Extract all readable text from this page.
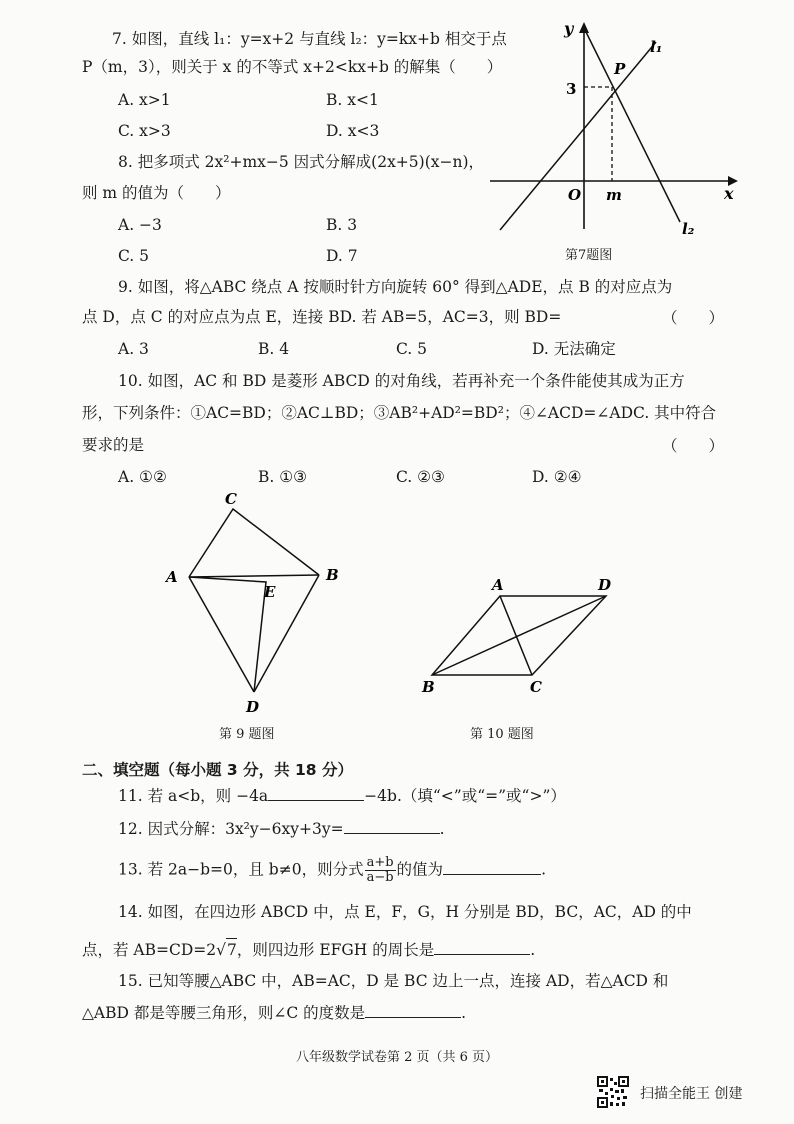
7. 如图，直线 l₁：y=x+2 与直线 l₂：y=kx+b 相交于点
P（m，3），则关于 x 的不等式 x+2<kx+b 的解集（　　）
A. x>1	B. x<1
C. x>3	D. x<3
8. 把多项式 2x²+mx−5 因式分解成(2x+5)(x−n)，
则 m 的值为（　　）
A. −3	B. 3
C. 5	D. 7
y
x
O m
3
P
l₁
l₂
第7题图
9. 如图，将△ABC 绕点 A 按顺时针方向旋转 60° 得到△ADE，点 B 的对应点为
点 D，点 C 的对应点为点 E，连接 BD. 若 AB=5，AC=3，则 BD=	（　　）
A. 3	B. 4	C. 5	D. 无法确定
10. 如图，AC 和 BD 是菱形 ABCD 的对角线，若再补充一个条件能使其成为正方
形，下列条件：①AC=BD；②AC⊥BD；③AB²+AD²=BD²；④∠ACD=∠ADC. 其中符合
要求的是	（　　）
A. ①②	B. ①③	C. ②③	D. ②④
C
A	B
E
D
第 9 题图
A	D
B	C
第 10 题图
二、填空题（每小题 3 分，共 18 分）
11. 若 a<b，则 −4a	−4b.（填“<”或“=”或“>”）
12. 因式分解：3x²y−6xy+3y=	.
13. 若 2a−b=0，且 b≠0，则分式 $\frac{a+b}{a-b}$ 的值为	.
14. 如图，在四边形 ABCD 中，点 E，F，G，H 分别是 BD，BC，AC，AD 的中
点，若 AB=CD=2√7，则四边形 EFGH 的周长是	.
15. 已知等腰△ABC 中，AB=AC，D 是 BC 边上一点，连接 AD，若△ACD 和
△ABD 都是等腰三角形，则∠C 的度数是	.
八年级数学试卷第 2 页（共 6 页）
扫描全能王 创建
